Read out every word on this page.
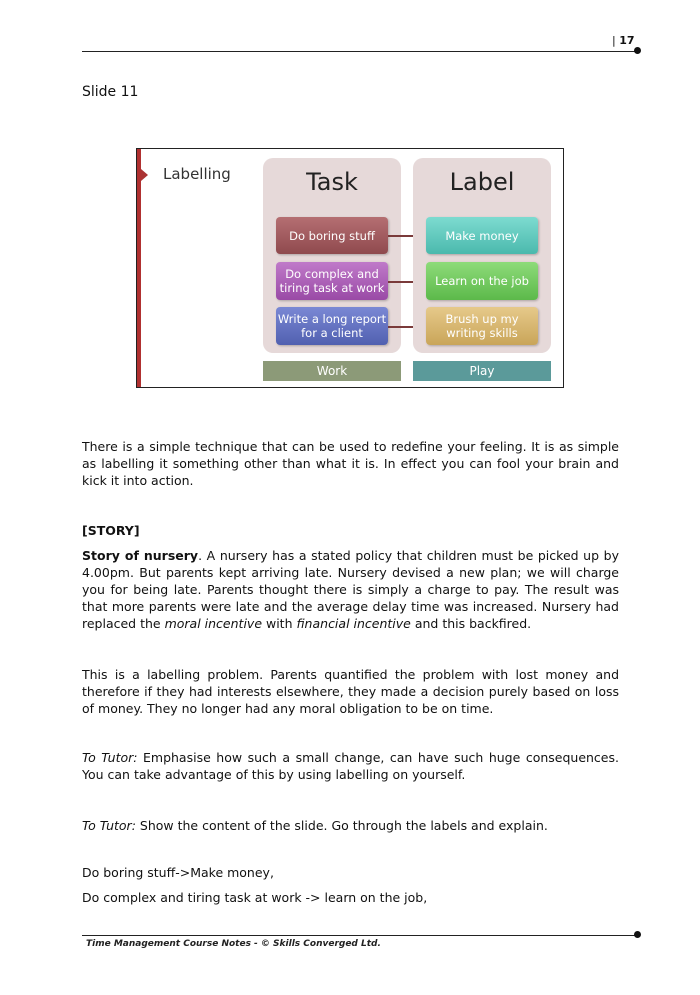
| 17
Slide 11
Labelling	Task
Do boring stuff
Do complex and tiring task at work
Write a long report for a client
Label
Make money
Learn on the job
Brush up my writing skills
Work	Play
There is a simple technique that can be used to redefine your feeling. It is as simple as labelling it something other than what it is. In effect you can fool your brain and kick it into action.
[STORY]
Story of nursery. A nursery has a stated policy that children must be picked up by 4.00pm. But parents kept arriving late. Nursery devised a new plan; we will charge you for being late. Parents thought there is simply a charge to pay. The result was that more parents were late and the average delay time was increased. Nursery had replaced the moral incentive with financial incentive and this backfired.
This is a labelling problem. Parents quantified the problem with lost money and therefore if they had interests elsewhere, they made a decision purely based on loss of money. They no longer had any moral obligation to be on time.
To Tutor: Emphasise how such a small change, can have such huge consequences. You can take advantage of this by using labelling on yourself.
To Tutor: Show the content of the slide. Go through the labels and explain.
Do boring stuff->Make money,
Do complex and tiring task at work -> learn on the job,
Time Management Course Notes - © Skills Converged Ltd.
